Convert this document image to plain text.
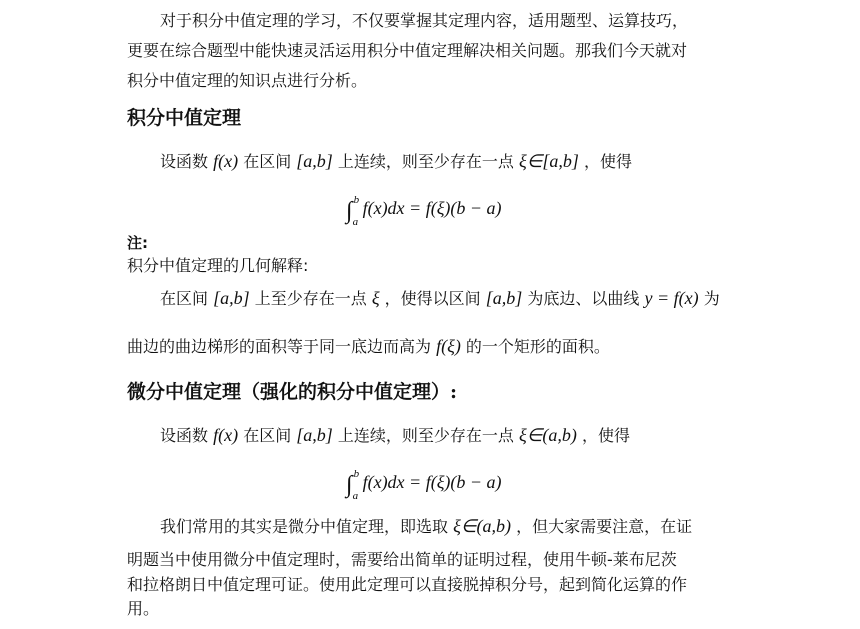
对于积分中值定理的学习，不仅要掌握其定理内容，适用题型、运算技巧，
更要在综合题型中能快速灵活运用积分中值定理解决相关问题。那我们今天就对
积分中值定理的知识点进行分析。
积分中值定理
设函数 f(x) 在区间 [a,b] 上连续，则至少存在一点 ξ∈[a,b] ，使得
∫ b
a
f(x)dx = f(ξ)(b − a)
注:
积分中值定理的几何解释:
在区间 [a,b] 上至少存在一点 ξ ，使得以区间 [a,b] 为底边、以曲线 y = f(x) 为
曲边的曲边梯形的面积等于同一底边而高为 f(ξ) 的一个矩形的面积。
微分中值定理（强化的积分中值定理）:
设函数 f(x) 在区间 [a,b] 上连续，则至少存在一点 ξ∈(a,b) ，使得
∫ b
a
f(x)dx = f(ξ)(b − a)
我们常用的其实是微分中值定理，即选取 ξ∈(a,b) ，但大家需要注意，在证
明题当中使用微分中值定理时，需要给出简单的证明过程，使用牛顿-莱布尼茨
和拉格朗日中值定理可证。使用此定理可以直接脱掉积分号，起到简化运算的作
用。
